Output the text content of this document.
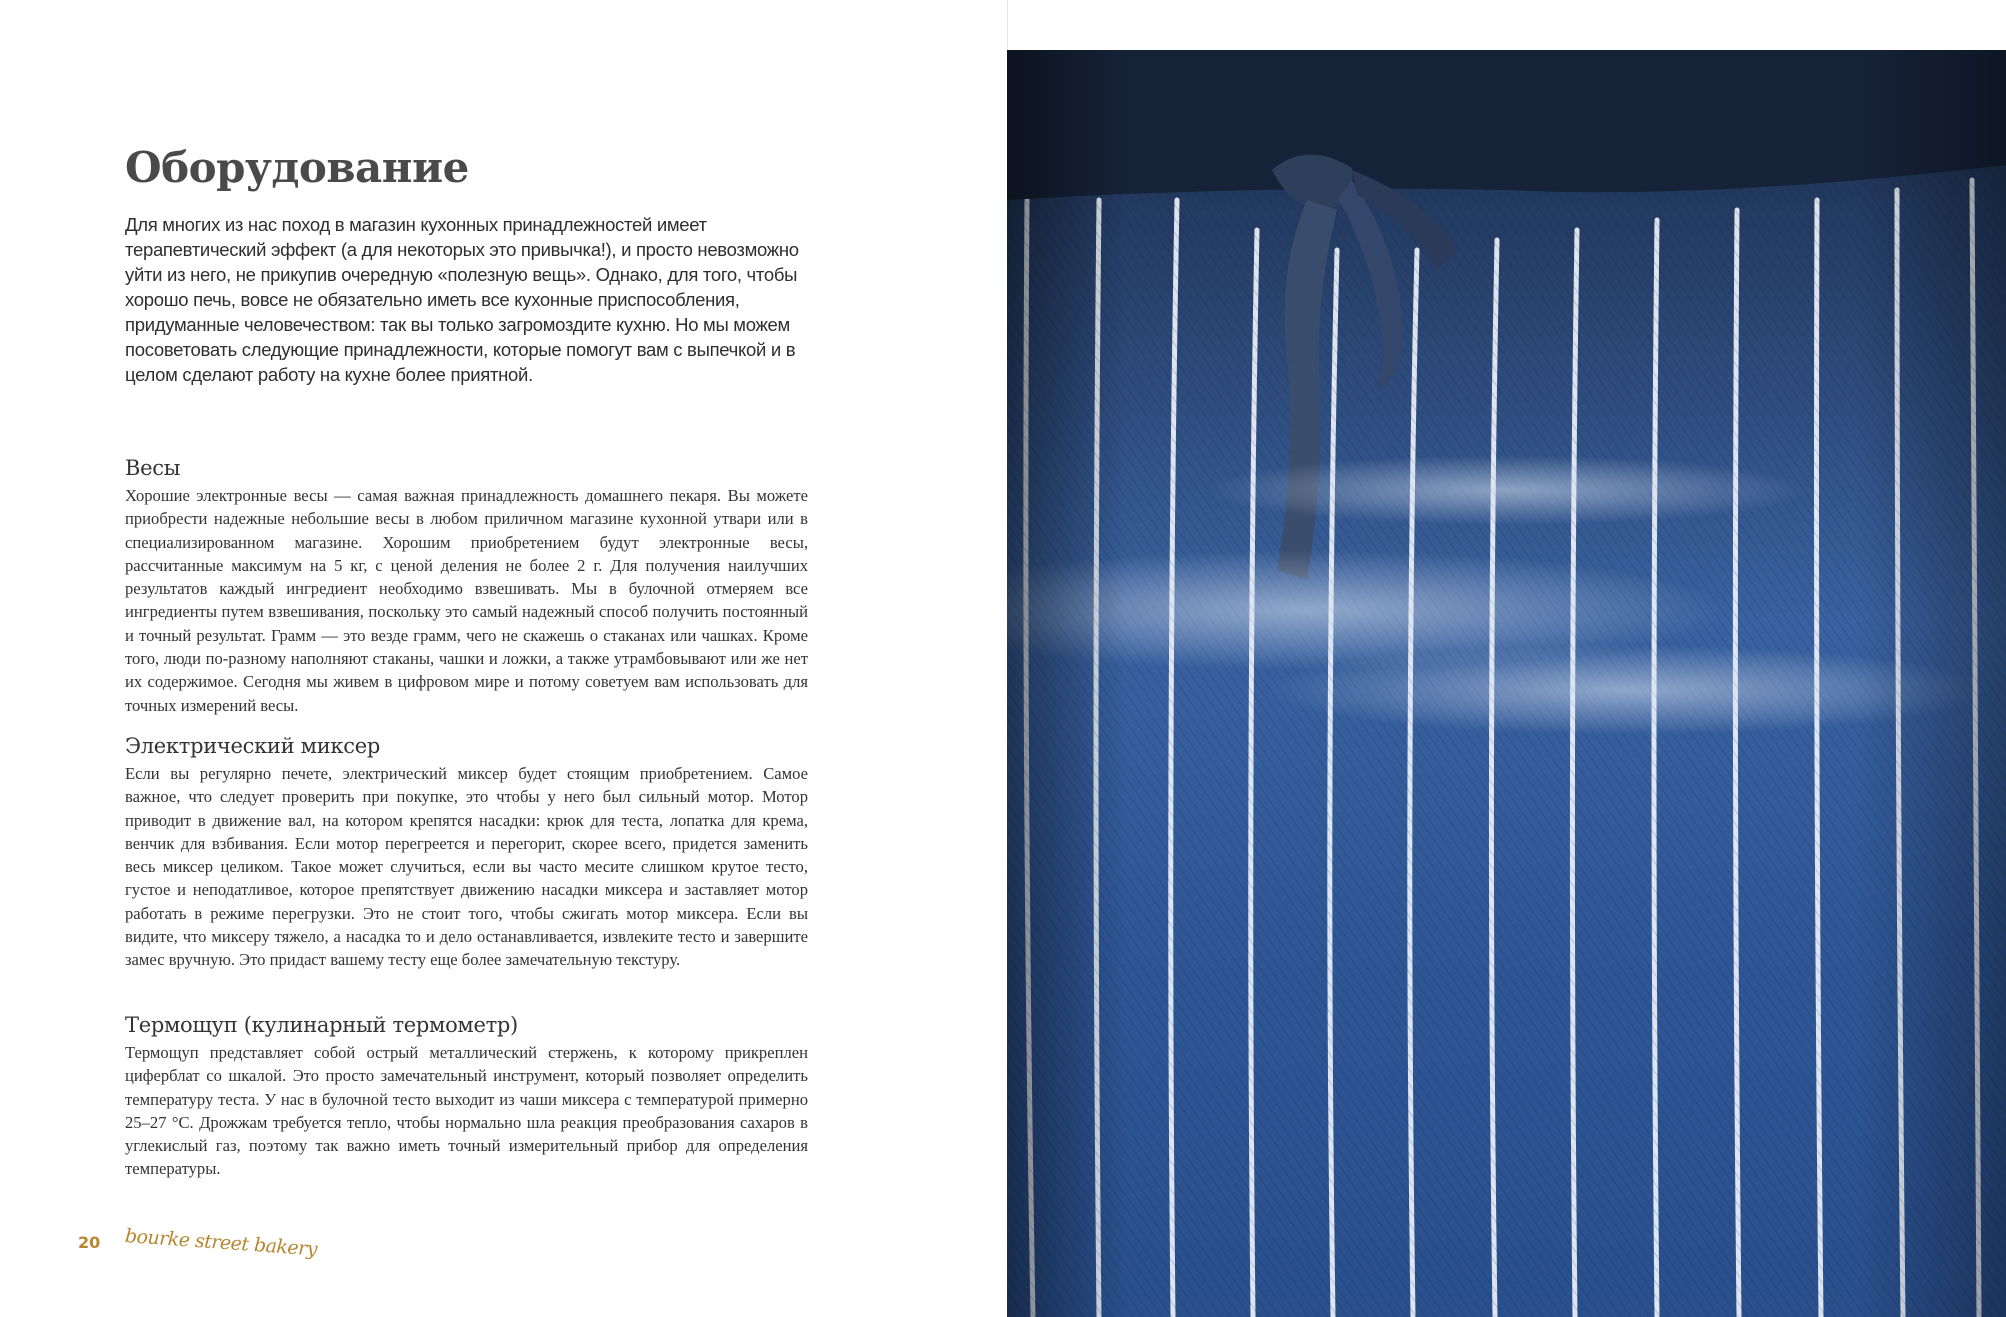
Оборудование

Для многих из нас поход в магазин кухонных принадлежностей имеет терапевтический эффект (а для некоторых это привычка!), и просто невозможно уйти из него, не прикупив очередную «полезную вещь». Однако, для того, чтобы хорошо печь, вовсе не обязательно иметь все кухонные приспособления, придуманные человечеством: так вы только загромоздите кухню. Но мы можем посоветовать следующие принадлежности, которые помогут вам с выпечкой и в целом сделают работу на кухне более приятной.

Весы

Хорошие электронные весы — самая важная принадлежность домашнего пекаря. Вы можете приобрести надежные небольшие весы в любом приличном магазине кухонной утвари или в специализированном магазине. Хорошим приобретением будут электронные весы, рассчитанные максимум на 5 кг, с ценой деления не более 2 г. Для получения наилучших результатов каждый ингредиент необходимо взвешивать. Мы в булочной отмеряем все ингредиенты путем взвешивания, поскольку это самый надежный способ получить постоянный и точный результат. Грамм — это везде грамм, чего не скажешь о стаканах или чашках. Кроме того, люди по-разному наполняют стаканы, чашки и ложки, а также утрамбовывают или же нет их содержимое. Сегодня мы живем в цифровом мире и потому советуем вам использовать для точных измерений весы.

Электрический миксер

Если вы регулярно печете, электрический миксер будет стоящим приобретением. Самое важное, что следует проверить при покупке, это чтобы у него был сильный мотор. Мотор приводит в движение вал, на котором крепятся насадки: крюк для теста, лопатка для крема, венчик для взбивания. Если мотор перегреется и перегорит, скорее всего, придется заменить весь миксер целиком. Такое может случиться, если вы часто месите слишком крутое тесто, густое и неподатливое, которое препятствует движению насадки миксера и заставляет мотор работать в режиме перегрузки. Это не стоит того, чтобы сжигать мотор миксера. Если вы видите, что миксеру тяжело, а насадка то и дело останавливается, извлеките тесто и завершите замес вручную. Это придаст вашему тесту еще более замечательную текстуру.

Термощуп (кулинарный термометр)

Термощуп представляет собой острый металлический стержень, к которому прикреплен циферблат со шкалой. Это просто замечательный инструмент, который позволяет определить температуру теста. У нас в булочной тесто выходит из чаши миксера с температурой примерно 25–27 °С. Дрожжам требуется тепло, чтобы нормально шла реакция преобразования сахаров в углекислый газ, поэтому так важно иметь точный измерительный прибор для определения температуры.

20 bourke street bakery
